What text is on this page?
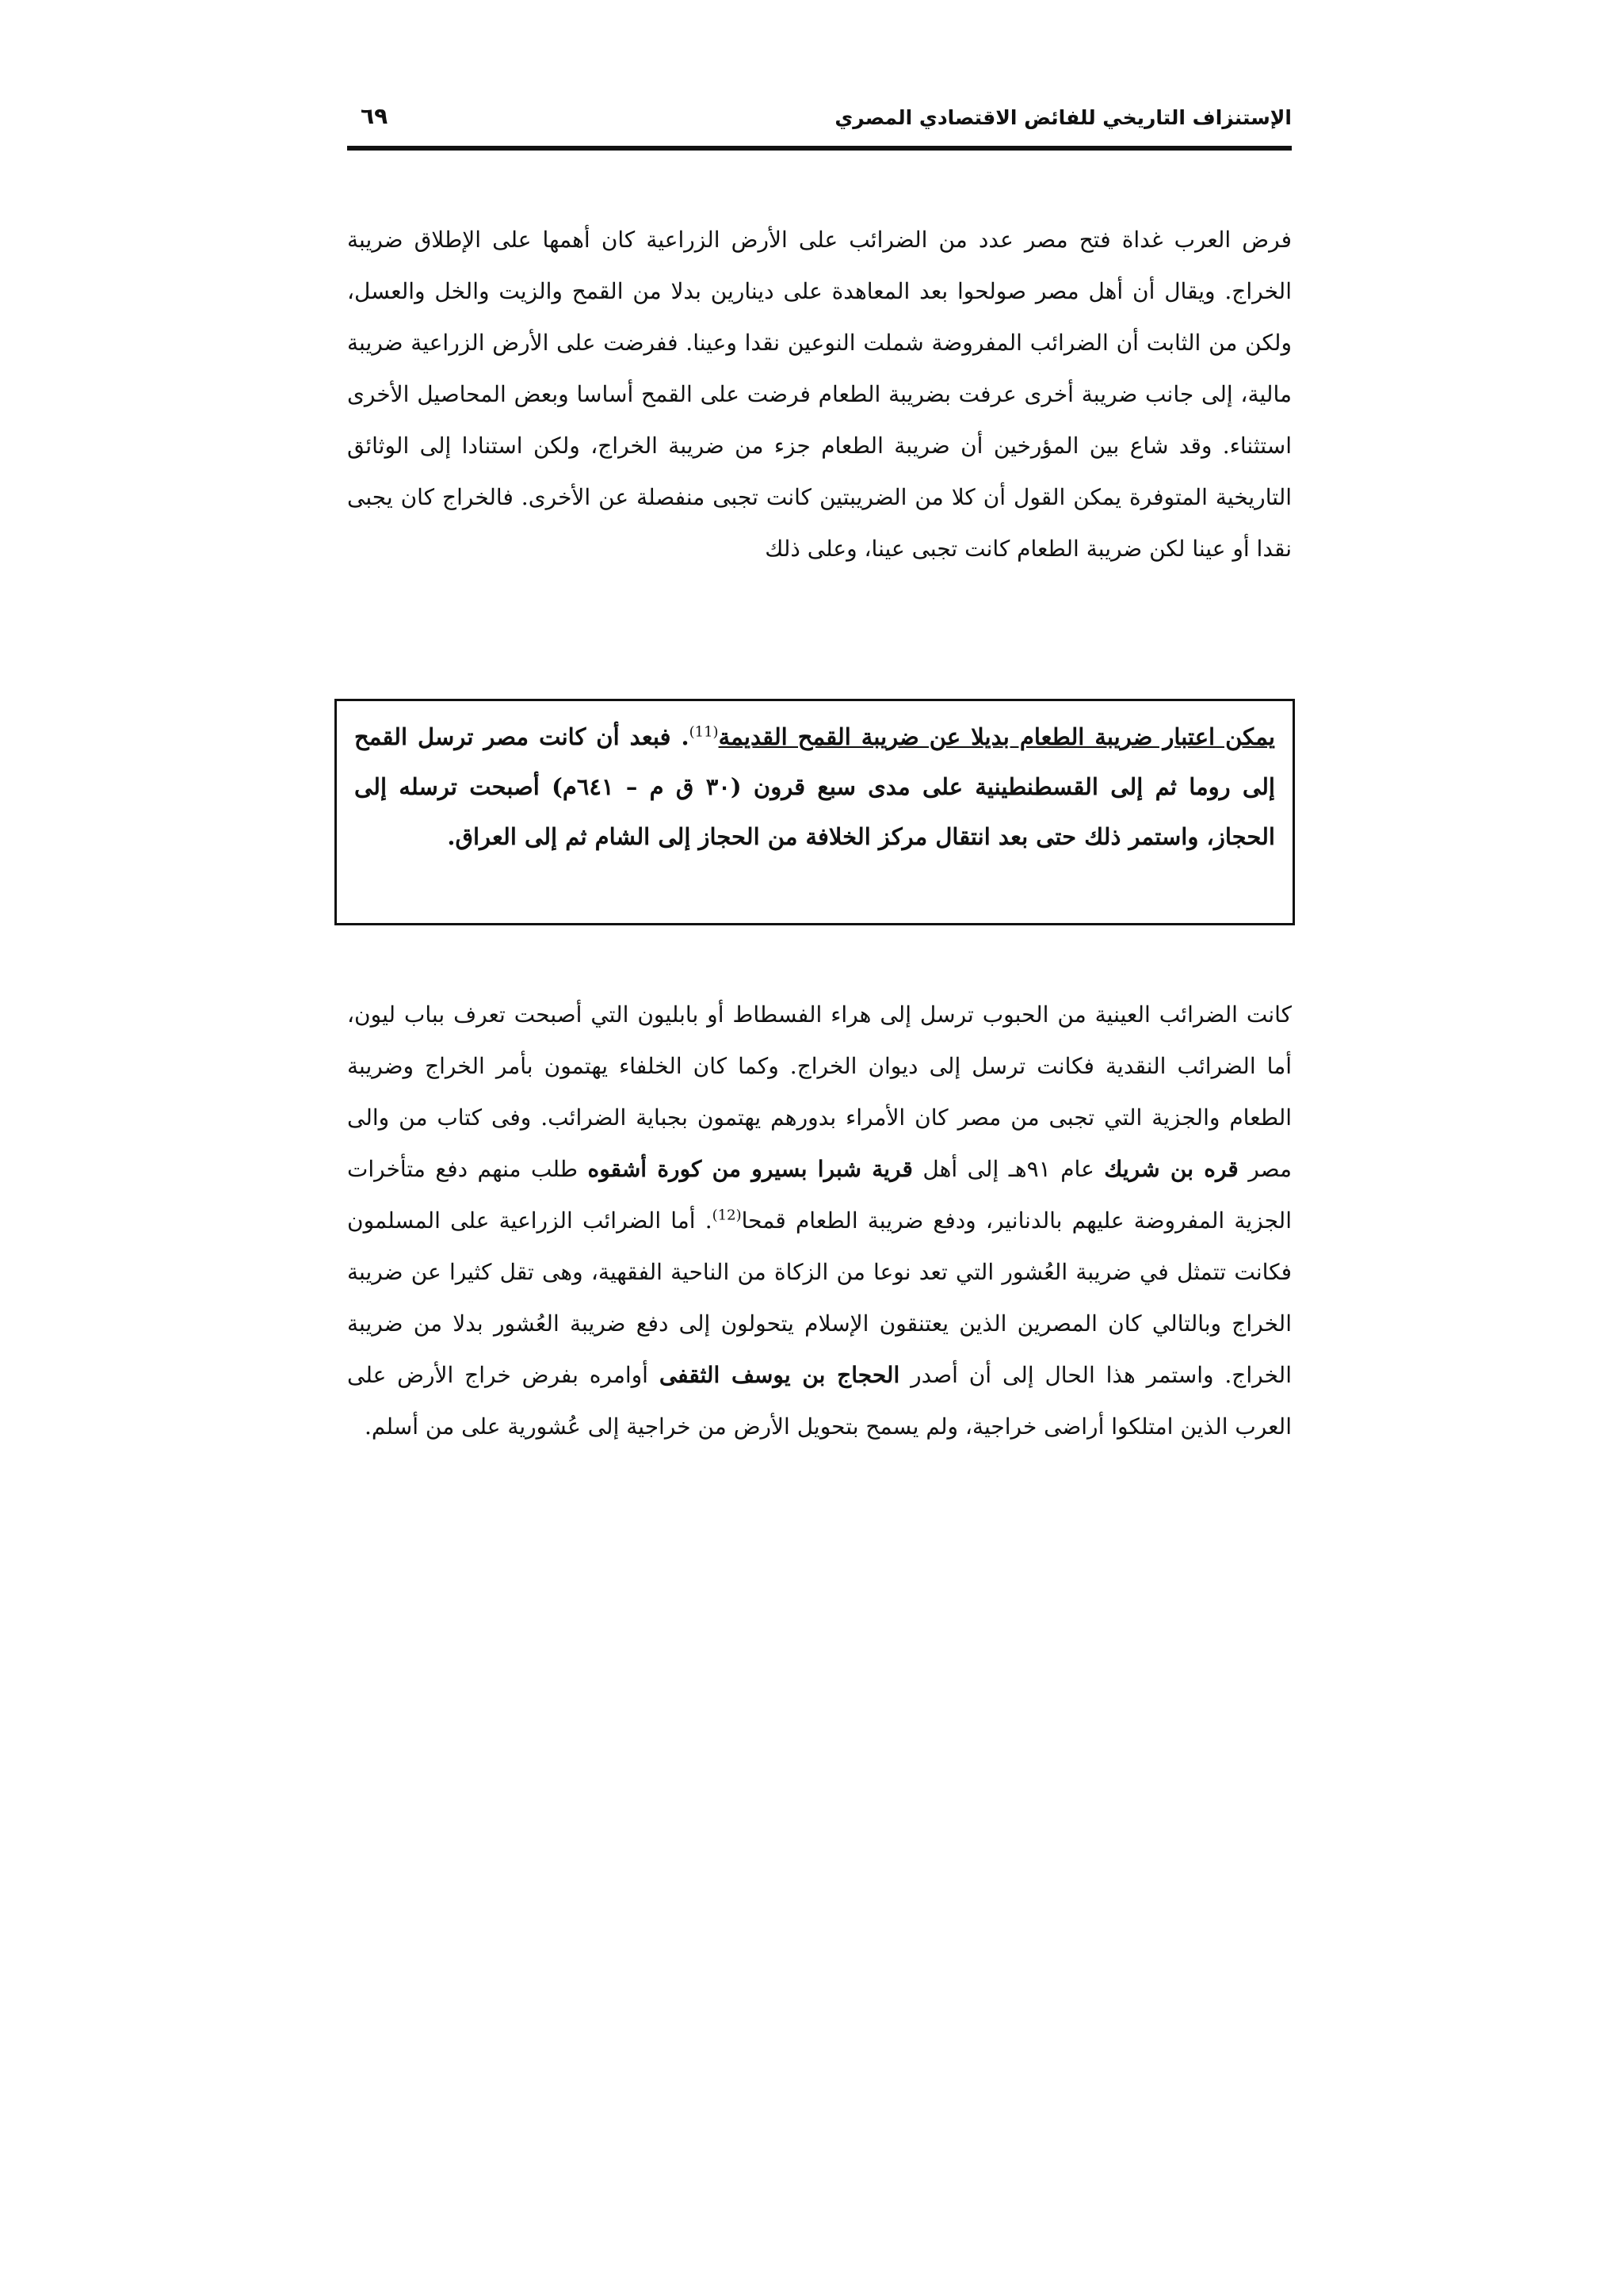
الإستنزاف التاريخي للفائض الاقتصادي المصري
٦٩

فرض العرب غداة فتح مصر عدد من الضرائب على الأرض الزراعية كان أهمها على الإطلاق ضريبة الخراج. ويقال أن أهل مصر صولحوا بعد المعاهدة على دينارين بدلا من القمح والزيت والخل والعسل، ولكن من الثابت أن الضرائب المفروضة شملت النوعين نقدا وعينا. ففرضت على الأرض الزراعية ضريبة مالية، إلى جانب ضريبة أخرى عرفت بضريبة الطعام فرضت على القمح أساسا وبعض المحاصيل الأخرى استثناء. وقد شاع بين المؤرخين أن ضريبة الطعام جزء من ضريبة الخراج، ولكن استنادا إلى الوثائق التاريخية المتوفرة يمكن القول أن كلا من الضريبتين كانت تجبى منفصلة عن الأخرى. فالخراج كان يجبى نقدا أو عينا لكن ضريبة الطعام كانت تجبى عينا، وعلى ذلك

يمكن اعتبار ضريبة الطعام بديلا عن ضريبة القمح القديمة$^{(11)}$. فبعد أن كانت مصر ترسل القمح إلى روما ثم إلى القسطنطينية على مدى سبع قرون (٣٠ ق م – ٦٤١م) أصبحت ترسله إلى الحجاز، واستمر ذلك حتى بعد انتقال مركز الخلافة من الحجاز إلى الشام ثم إلى العراق.

كانت الضرائب العينية من الحبوب ترسل إلى هراء الفسطاط أو بابليون التي أصبحت تعرف بباب ليون، أما الضرائب النقدية فكانت ترسل إلى ديوان الخراج. وكما كان الخلفاء يهتمون بأمر الخراج وضريبة الطعام والجزية التي تجبى من مصر كان الأمراء بدورهم يهتمون بجباية الضرائب. وفى كتاب من والى مصر قره بن شريك عام ٩١هـ إلى أهل قرية شبرا بسيرو من كورة أشقوه طلب منهم دفع متأخرات الجزية المفروضة عليهم بالدنانير، ودفع ضريبة الطعام قمحا$^{(12)}$. أما الضرائب الزراعية على المسلمون فكانت تتمثل في ضريبة العُشور التي تعد نوعا من الزكاة من الناحية الفقهية، وهى تقل كثيرا عن ضريبة الخراج وبالتالي كان المصرين الذين يعتنقون الإسلام يتحولون إلى دفع ضريبة العُشور بدلا من ضريبة الخراج. واستمر هذا الحال إلى أن أصدر الحجاج بن يوسف الثقفى أوامره بفرض خراج الأرض على العرب الذين امتلكوا أراضى خراجية، ولم يسمح بتحويل الأرض من خراجية إلى عُشورية على من أسلم.
